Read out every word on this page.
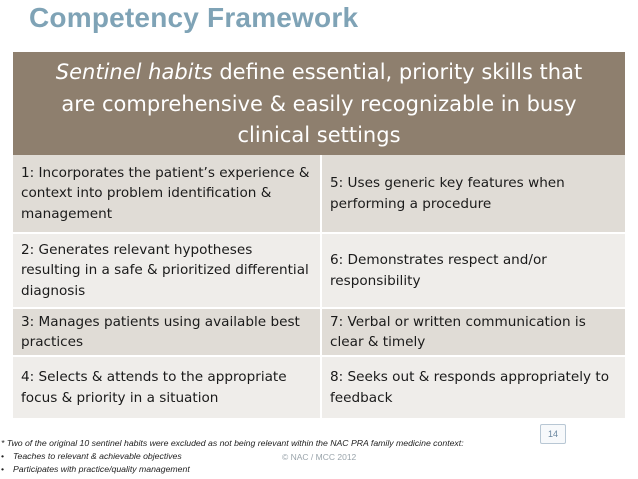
Competency Framework
Sentinel habits define essential, priority skills that
are comprehensive & easily recognizable in busy
clinical settings
1: Incorporates the patient’s experience & context into problem identification & management	5: Uses generic key features when performing a procedure
2: Generates relevant hypotheses resulting in a safe & prioritized differential diagnosis	6: Demonstrates respect and/or responsibility
3: Manages patients using available best practices	7: Verbal or written communication is clear & timely
4: Selects & attends to the appropriate focus & priority in a situation	8: Seeks out & responds appropriately to feedback
14
* Two of the original 10 sentinel habits were excluded as not being relevant within the NAC PRA family medicine context:
• Teaches to relevant & achievable objectives
• Participates with practice/quality management
© NAC / MCC 2012
